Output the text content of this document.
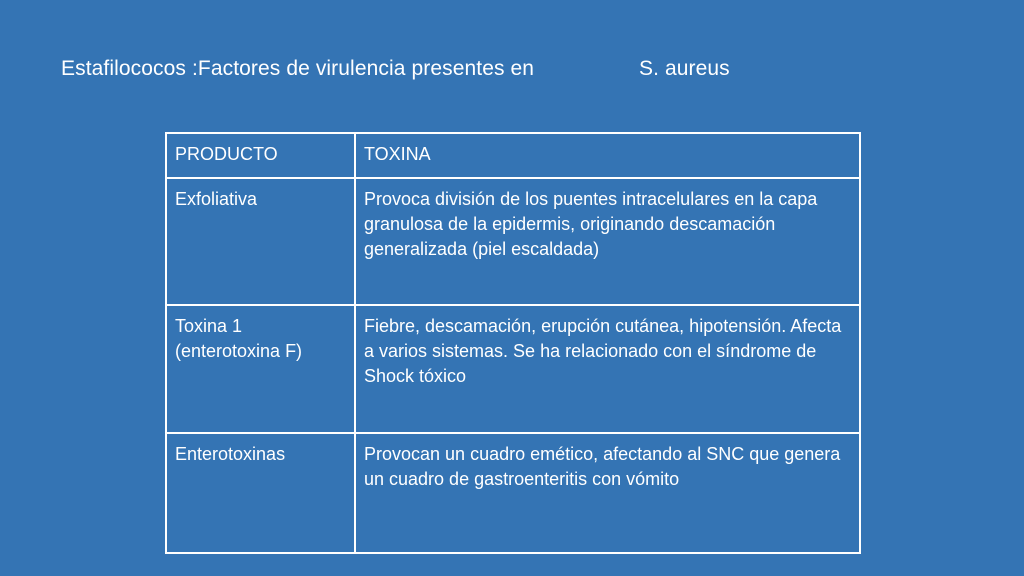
Estafilococos :Factores de virulencia presentes en	S. aureus
PRODUCTO	TOXINA
Exfoliativa	Provoca división de los puentes intracelulares en la capa granulosa de la epidermis, originando descamación generalizada (piel escaldada)
Toxina 1 (enterotoxina F)	Fiebre, descamación, erupción cutánea, hipotensión. Afecta a varios sistemas. Se ha relacionado con el síndrome de Shock tóxico
Enterotoxinas	Provocan un cuadro emético, afectando al SNC que genera un cuadro de gastroenteritis con vómito
